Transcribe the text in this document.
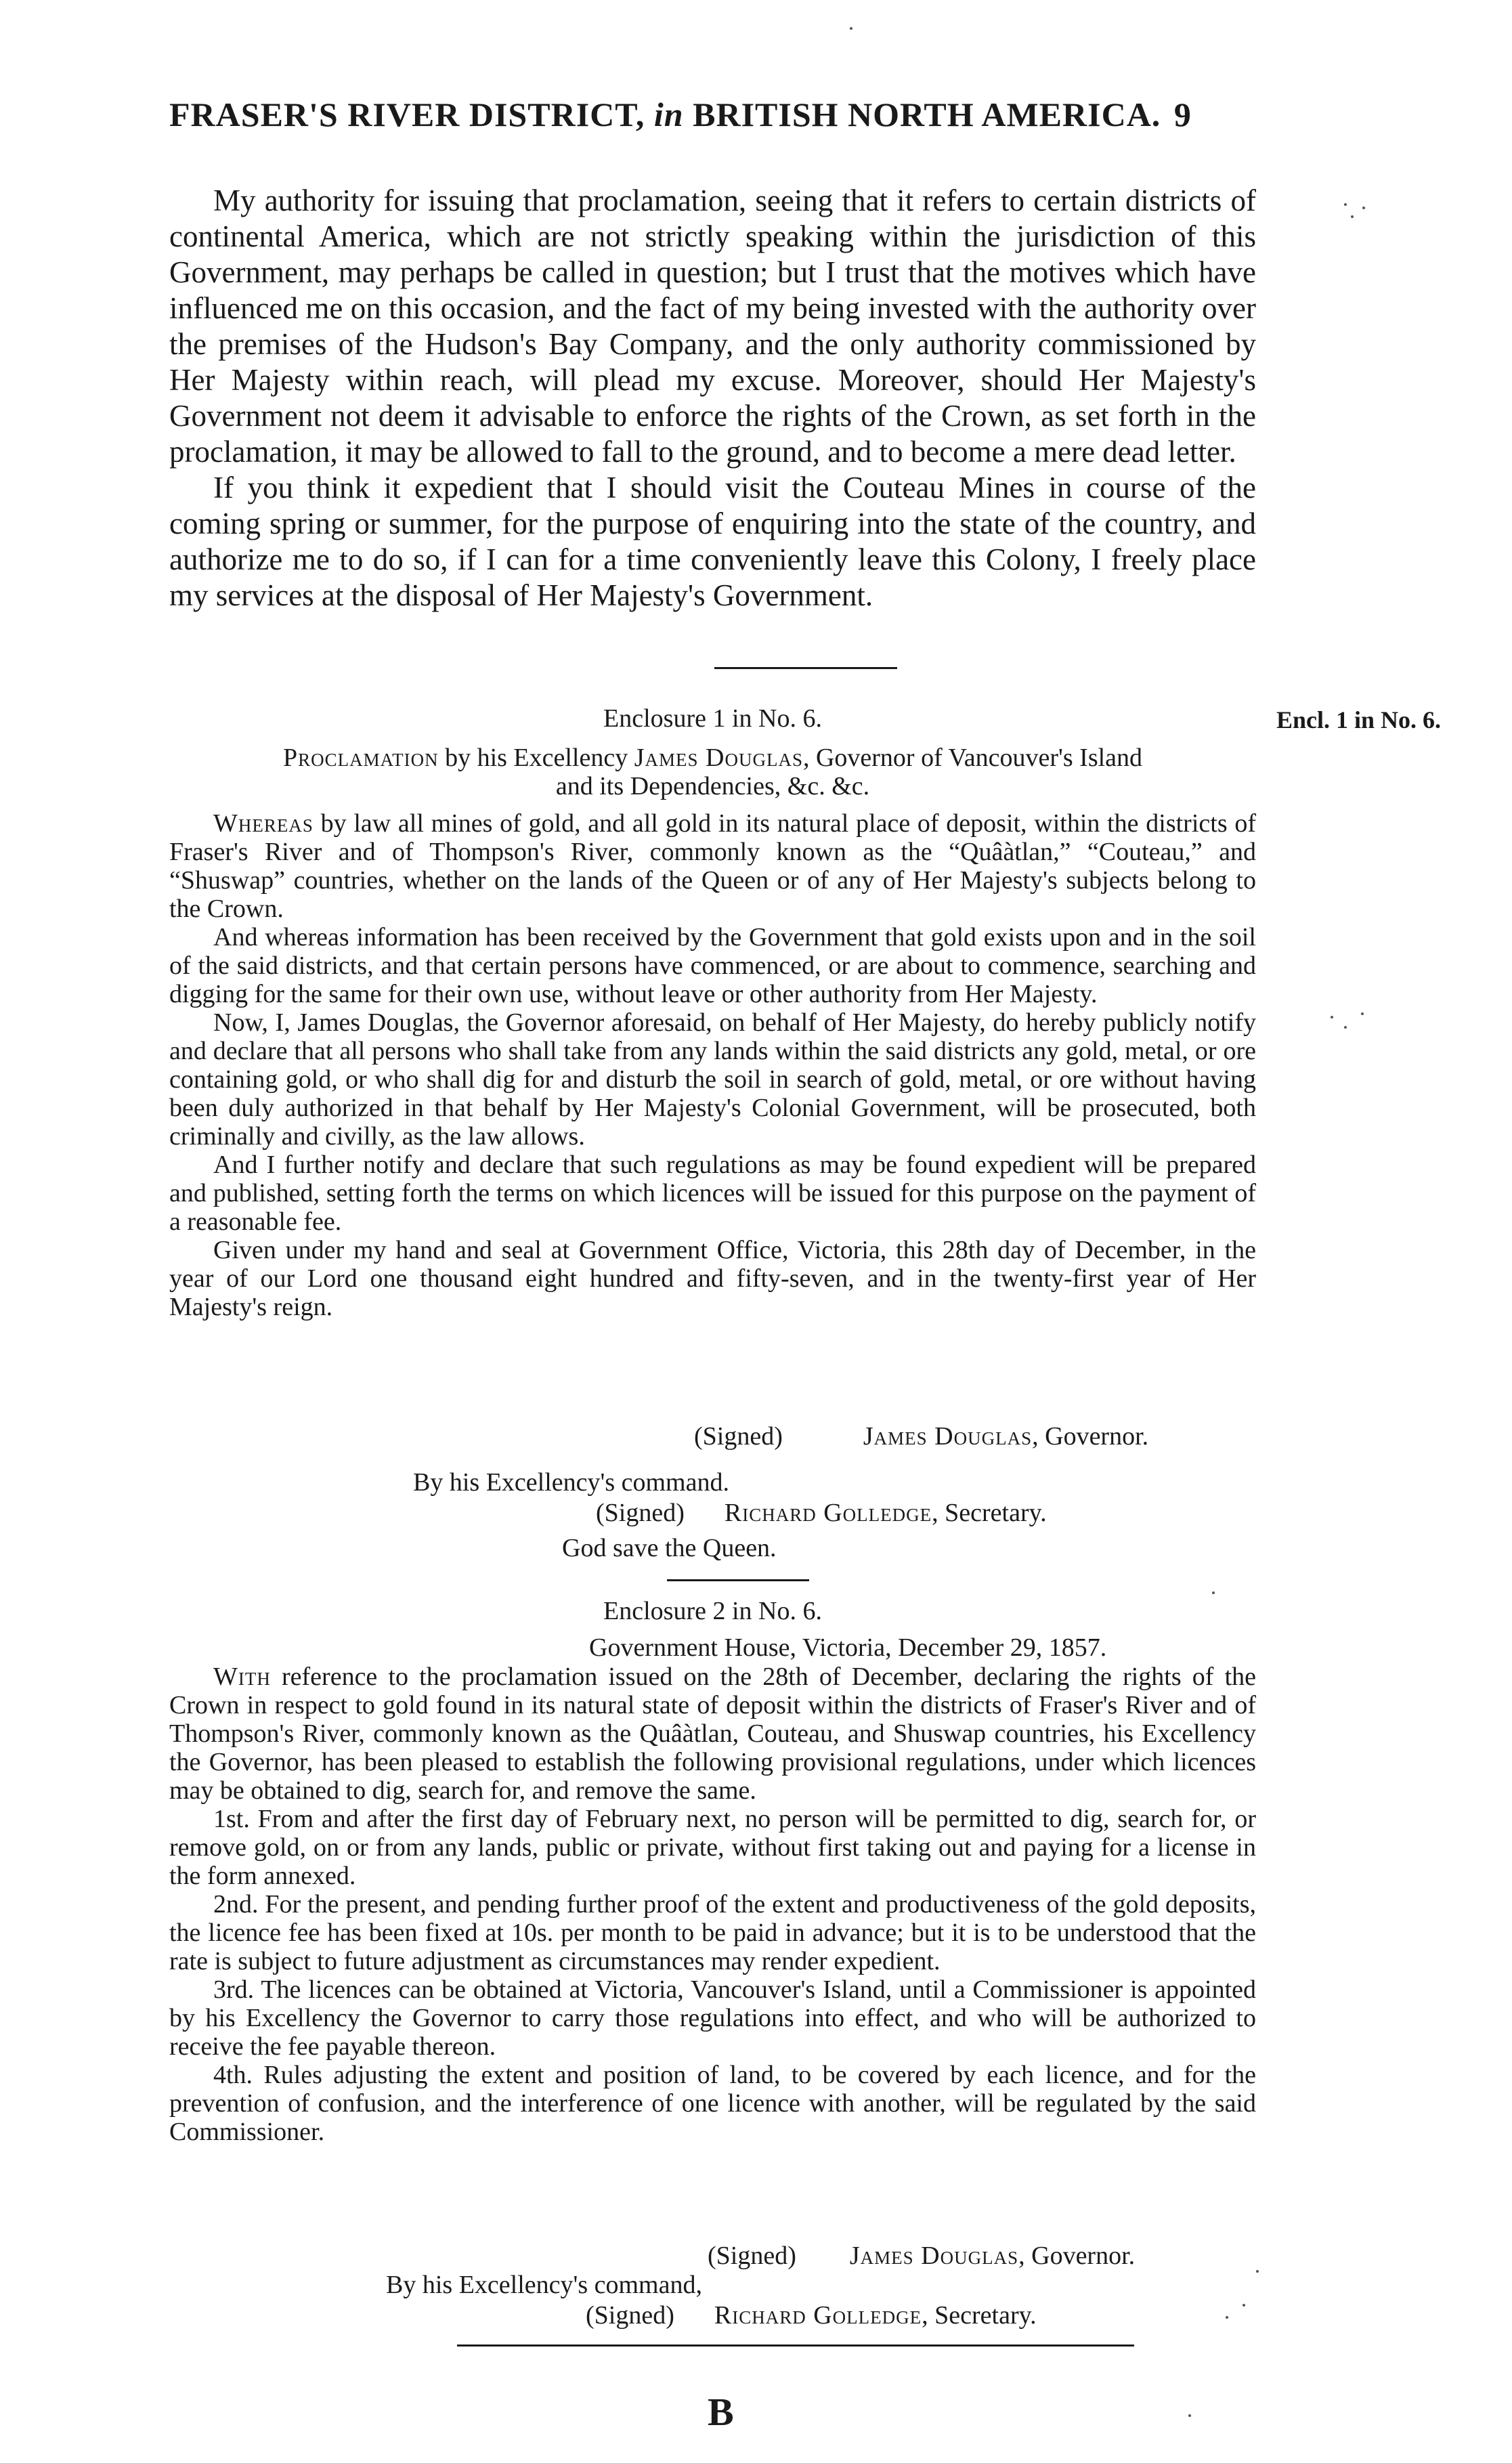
FRASER'S RIVER DISTRICT, in BRITISH NORTH AMERICA. 9

My authority for issuing that proclamation, seeing that it refers to certain districts of continental America, which are not strictly speaking within the jurisdiction of this Government, may perhaps be called in question; but I trust that the motives which have influenced me on this occasion, and the fact of my being invested with the authority over the premises of the Hudson's Bay Company, and the only authority commissioned by Her Majesty within reach, will plead my excuse. Moreover, should Her Majesty's Government not deem it advisable to enforce the rights of the Crown, as set forth in the proclamation, it may be allowed to fall to the ground, and to become a mere dead letter.

If you think it expedient that I should visit the Couteau Mines in course of the coming spring or summer, for the purpose of enquiring into the state of the country, and authorize me to do so, if I can for a time conveniently leave this Colony, I freely place my services at the disposal of Her Majesty's Government.

Enclosure 1 in No. 6.	Encl. 1 in No. 6.
Proclamation by his Excellency James Douglas, Governor of Vancouver's Island
and its Dependencies, &c. &c.

Whereas by law all mines of gold, and all gold in its natural place of deposit, within the districts of Fraser's River and of Thompson's River, commonly known as the “Quâàtlan,” “Couteau,” and “Shuswap” countries, whether on the lands of the Queen or of any of Her Majesty's subjects belong to the Crown.

And whereas information has been received by the Government that gold exists upon and in the soil of the said districts, and that certain persons have commenced, or are about to commence, searching and digging for the same for their own use, without leave or other authority from Her Majesty.

Now, I, James Douglas, the Governor aforesaid, on behalf of Her Majesty, do hereby publicly notify and declare that all persons who shall take from any lands within the said districts any gold, metal, or ore containing gold, or who shall dig for and disturb the soil in search of gold, metal, or ore without having been duly authorized in that behalf by Her Majesty's Colonial Government, will be prosecuted, both criminally and civilly, as the law allows.

And I further notify and declare that such regulations as may be found expedient will be prepared and published, setting forth the terms on which licences will be issued for this purpose on the payment of a reasonable fee.

Given under my hand and seal at Government Office, Victoria, this 28th day of December, in the year of our Lord one thousand eight hundred and fifty-seven, and in the twenty-first year of Her Majesty's reign.

(Signed)	James Douglas, Governor.
By his Excellency's command.
(Signed) Richard Golledge, Secretary.
God save the Queen.
Enclosure 2 in No. 6.
Government House, Victoria, December 29, 1857.

With reference to the proclamation issued on the 28th of December, declaring the rights of the Crown in respect to gold found in its natural state of deposit within the districts of Fraser's River and of Thompson's River, commonly known as the Quâàtlan, Couteau, and Shuswap countries, his Excellency the Governor, has been pleased to establish the following provisional regulations, under which licences may be obtained to dig, search for, and remove the same.

1st. From and after the first day of February next, no person will be permitted to dig, search for, or remove gold, on or from any lands, public or private, without first taking out and paying for a license in the form annexed.

2nd. For the present, and pending further proof of the extent and productiveness of the gold deposits, the licence fee has been fixed at 10s. per month to be paid in advance; but it is to be understood that the rate is subject to future adjustment as circumstances may render expedient.

3rd. The licences can be obtained at Victoria, Vancouver's Island, until a Commissioner is appointed by his Excellency the Governor to carry those regulations into effect, and who will be authorized to receive the fee payable thereon.

4th. Rules adjusting the extent and position of land, to be covered by each licence, and for the prevention of confusion, and the interference of one licence with another, will be regulated by the said Commissioner.

(Signed) James Douglas, Governor.
By his Excellency's command,
(Signed) Richard Golledge, Secretary.
B
